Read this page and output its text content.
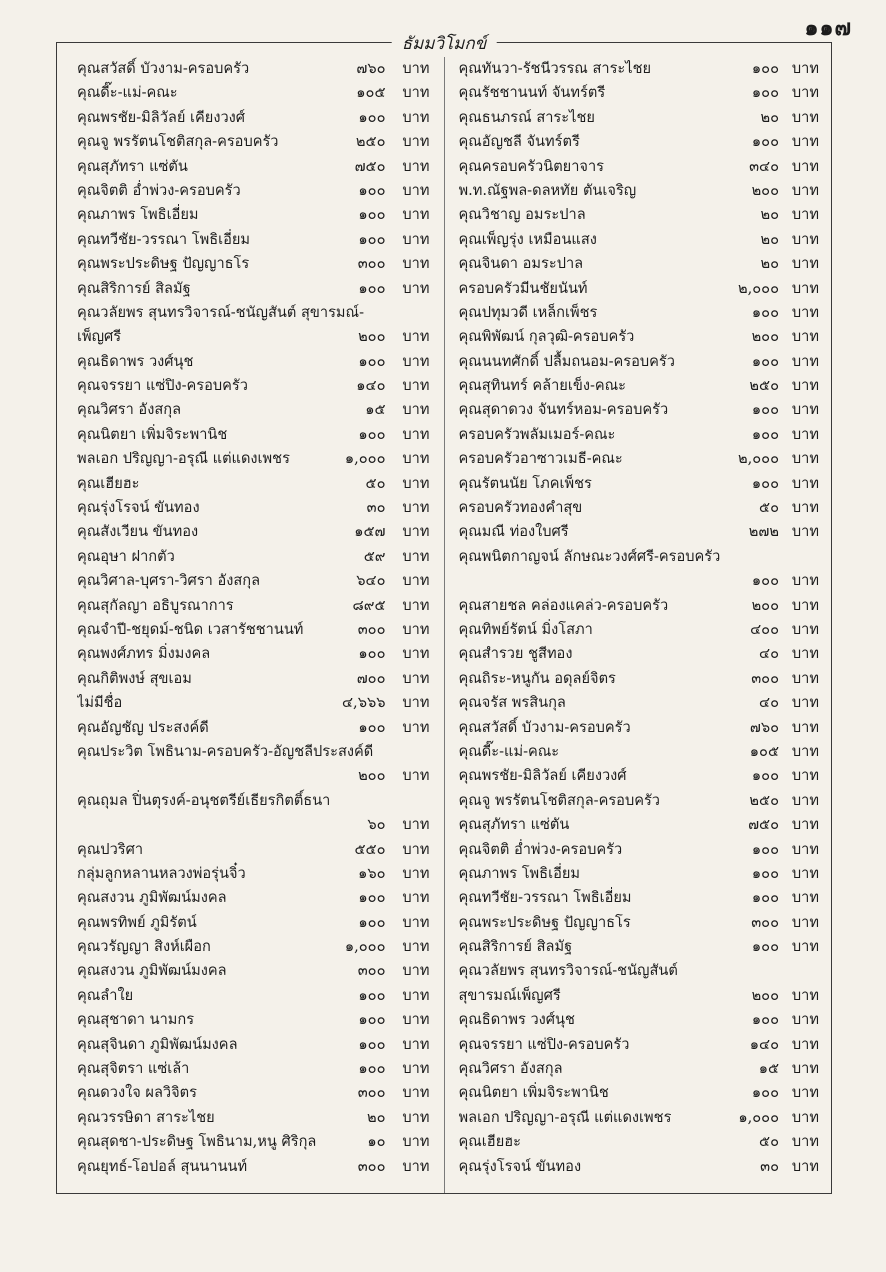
๑๑๗
ธัมมวิโมกข์
คุณสวัสดิ์ บัวงาม-ครอบครัว	๗๖๐ บาท
คุณดี๊ะ-แม่-คณะ	๑๐๕ บาท
คุณพรชัย-มิลิวัลย์ เคียงวงศ์	๑๐๐ บาท
คุณจู พรรัตนโชติสกุล-ครอบครัว	๒๕๐ บาท
คุณสุภัทรา แซ่ตัน	๗๕๐ บาท
คุณจิตติ อ่ำพ่วง-ครอบครัว	๑๐๐ บาท
คุณภาพร โพธิเอี่ยม	๑๐๐ บาท
คุณทวีชัย-วรรณา โพธิเอี่ยม	๑๐๐ บาท
คุณพระประดิษฐ ปัญญาธโร	๓๐๐ บาท
คุณสิริการย์ สิลมัฐ	๑๐๐ บาท
คุณวลัยพร สุนทรวิจารณ์-ชนัญสันต์ สุขารมณ์-
เพ็ญศรี	๒๐๐ บาท
คุณธิดาพร วงศ์นุช	๑๐๐ บาท
คุณจรรยา แซ่ปิง-ครอบครัว	๑๔๐ บาท
คุณวิศรา อังสกุล	๑๕ บาท
คุณนิตยา เพิ่มจิระพานิช	๑๐๐ บาท
พลเอก ปริญญา-อรุณี แต่แดงเพชร	๑,๐๐๐ บาท
คุณเฮียฮะ	๕๐ บาท
คุณรุ่งโรจน์ ขันทอง	๓๐ บาท
คุณสังเวียน ขันทอง	๑๕๗ บาท
คุณอุษา ฝากตัว	๕๙ บาท
คุณวิศาล-บุศรา-วิศรา อังสกุล	๖๔๐ บาท
คุณสุกัลญา อธิบูรณาการ	๘๙๕ บาท
คุณจำปี-ชยุดม์-ชนิด เวสารัชชานนท์	๓๐๐ บาท
คุณพงศ์ภทร มิ่งมงคล	๑๐๐ บาท
คุณกิติพงษ์ สุขเอม	๗๐๐ บาท
ไม่มีชื่อ	๔,๖๖๖ บาท
คุณอัญชัญ ประสงค์ดี	๑๐๐ บาท
คุณประวิต โพธินาม-ครอบครัว-อัญชลีประสงค์ดี
๒๐๐ บาท
คุณถุมล ปิ่นตุรงค์-อนุชตรีย์เธียรกิตติ์ธนา
๖๐ บาท
คุณปวริศา	๕๕๐ บาท
กลุ่มลูกหลานหลวงพ่อรุ่นจิ๋ว	๑๖๐ บาท
คุณสงวน ภูมิพัฒน์มงคล	๑๐๐ บาท
คุณพรทิพย์ ภูมิรัตน์	๑๐๐ บาท
คุณวรัญญา สิงห์เผือก	๑,๐๐๐ บาท
คุณสงวน ภูมิพัฒน์มงคล	๓๐๐ บาท
คุณลำใย	๑๐๐ บาท
คุณสุชาดา นามกร	๑๐๐ บาท
คุณสุจินดา ภูมิพัฒน์มงคล	๑๐๐ บาท
คุณสุจิตรา แซ่เล้า	๑๐๐ บาท
คุณดวงใจ ผลวิจิตร	๓๐๐ บาท
คุณวรรษิดา สาระไชย	๒๐ บาท
คุณสุดชา-ประดิษฐ โพธินาม,หนู ศิริกุล	๑๐ บาท
คุณยุทธ์-โอปอล์ สุนนานนท์	๓๐๐ บาท
คุณทันวา-รัชนีวรรณ สาระไชย	๑๐๐ บาท
คุณรัชชานนท์ จันทร์ตรี	๑๐๐ บาท
คุณธนภรณ์ สาระไชย	๒๐ บาท
คุณอัญชลี จันทร์ตรี	๑๐๐ บาท
คุณครอบครัวนิตยาจาร	๓๔๐ บาท
พ.ท.ณัฐพล-ดลหทัย ตันเจริญ	๒๐๐ บาท
คุณวิชาญ อมระปาล	๒๐ บาท
คุณเพ็ญรุ่ง เหมือนแสง	๒๐ บาท
คุณจินดา อมระปาล	๒๐ บาท
ครอบครัวมีนชัยนันท์	๒,๐๐๐ บาท
คุณปทุมวดี เหล็กเพ็ชร	๑๐๐ บาท
คุณพิพัฒน์ กุลวุฒิ-ครอบครัว	๒๐๐ บาท
คุณนนทศักดิ์ ปลื้มถนอม-ครอบครัว	๑๐๐ บาท
คุณสุทินทร์ คล้ายเข็ง-คณะ	๒๕๐ บาท
คุณสุดาดวง จันทร์หอม-ครอบครัว	๑๐๐ บาท
ครอบครัวพลัมเมอร์-คณะ	๑๐๐ บาท
ครอบครัวอาซาวเมธี-คณะ	๒,๐๐๐ บาท
คุณรัตนนัย โภคเพ็ชร	๑๐๐ บาท
ครอบครัวทองคำสุข	๕๐ บาท
คุณมณี ท่องใบศรี	๒๗๒ บาท
คุณพนิตกาญจน์ ลักษณะวงศ์ศรี-ครอบครัว
๑๐๐ บาท
คุณสายชล คล่องแคล่ว-ครอบครัว	๒๐๐ บาท
คุณทิพย์รัตน์ มิ่งโสภา	๔๐๐ บาท
คุณสำรวย ชูสีทอง	๔๐ บาท
คุณถิระ-หนูกัน อดุลย์จิตร	๓๐๐ บาท
คุณจรัส พรสินกุล	๔๐ บาท
คุณสวัสดิ์ บัวงาม-ครอบครัว	๗๖๐ บาท
คุณดี๊ะ-แม่-คณะ	๑๐๕ บาท
คุณพรชัย-มิลิวัลย์ เคียงวงศ์	๑๐๐ บาท
คุณจู พรรัตนโชติสกุล-ครอบครัว	๒๕๐ บาท
คุณสุภัทรา แซ่ตัน	๗๕๐ บาท
คุณจิตติ อ่ำพ่วง-ครอบครัว	๑๐๐ บาท
คุณภาพร โพธิเอี่ยม	๑๐๐ บาท
คุณทวีชัย-วรรณา โพธิเอี่ยม	๑๐๐ บาท
คุณพระประดิษฐ ปัญญาธโร	๓๐๐ บาท
คุณสิริการย์ สิลมัฐ	๑๐๐ บาท
คุณวลัยพร สุนทรวิจารณ์-ชนัญสันต์
สุขารมณ์เพ็ญศรี	๒๐๐ บาท
คุณธิดาพร วงศ์นุช	๑๐๐ บาท
คุณจรรยา แซ่ปิง-ครอบครัว	๑๔๐ บาท
คุณวิศรา อังสกุล	๑๕ บาท
คุณนิตยา เพิ่มจิระพานิช	๑๐๐ บาท
พลเอก ปริญญา-อรุณี แต่แดงเพชร	๑,๐๐๐ บาท
คุณเฮียฮะ	๕๐ บาท
คุณรุ่งโรจน์ ขันทอง	๓๐ บาท
